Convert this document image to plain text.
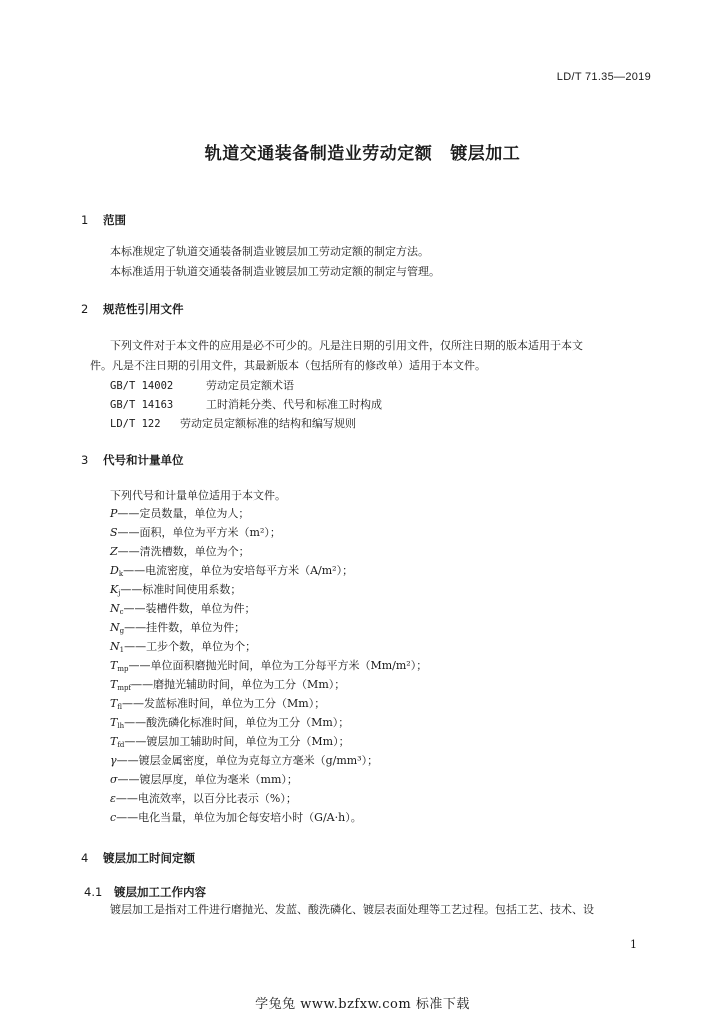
LD/T 71.35—2019
轨道交通装备制造业劳动定额 镀层加工
1 范围
本标准规定了轨道交通装备制造业镀层加工劳动定额的制定方法。
本标准适用于轨道交通装备制造业镀层加工劳动定额的制定与管理。
2 规范性引用文件
下列文件对于本文件的应用是必不可少的。凡是注日期的引用文件，仅所注日期的版本适用于本文
件。凡是不注日期的引用文件，其最新版本（包括所有的修改单）适用于本文件。
GB/T 14002	劳动定员定额术语
GB/T 14163	工时消耗分类、代号和标准工时构成
LD/T 122 劳动定员定额标准的结构和编写规则
3 代号和计量单位
下列代号和计量单位适用于本文件。
P——定员数量，单位为人；
S——面积，单位为平方米（m²）；
Z——清洗槽数，单位为个；
$D_k——$电流密度，单位为安培每平方米（A/m²）；
$K_j——$标准时间使用系数；
$N_c——$装槽件数，单位为件；
$N_g——$挂件数，单位为件；
$N_1——$工步个数，单位为个；
$T_{mp}——$单位面积磨抛光时间，单位为工分每平方米（Mm/m²）；
$T_{mpf}——$磨抛光辅助时间，单位为工分（Mm）；
$T_{fl}——$发蓝标准时间，单位为工分（Mm）；
$T_{lh}——$酸洗磷化标准时间，单位为工分（Mm）；
$T_{fd}——$镀层加工辅助时间，单位为工分（Mm）；
γ——镀层金属密度，单位为克每立方毫米（g/mm³）；
σ——镀层厚度，单位为毫米（mm）；
ε——电流效率，以百分比表示（%）；
c——电化当量，单位为加仑每安培小时（G/A·h）。
4 镀层加工时间定额
4.1 镀层加工工作内容
镀层加工是指对工件进行磨抛光、发蓝、酸洗磷化、镀层表面处理等工艺过程。包括工艺、技术、设
1
学兔兔 www.bzfxw.com 标准下载
